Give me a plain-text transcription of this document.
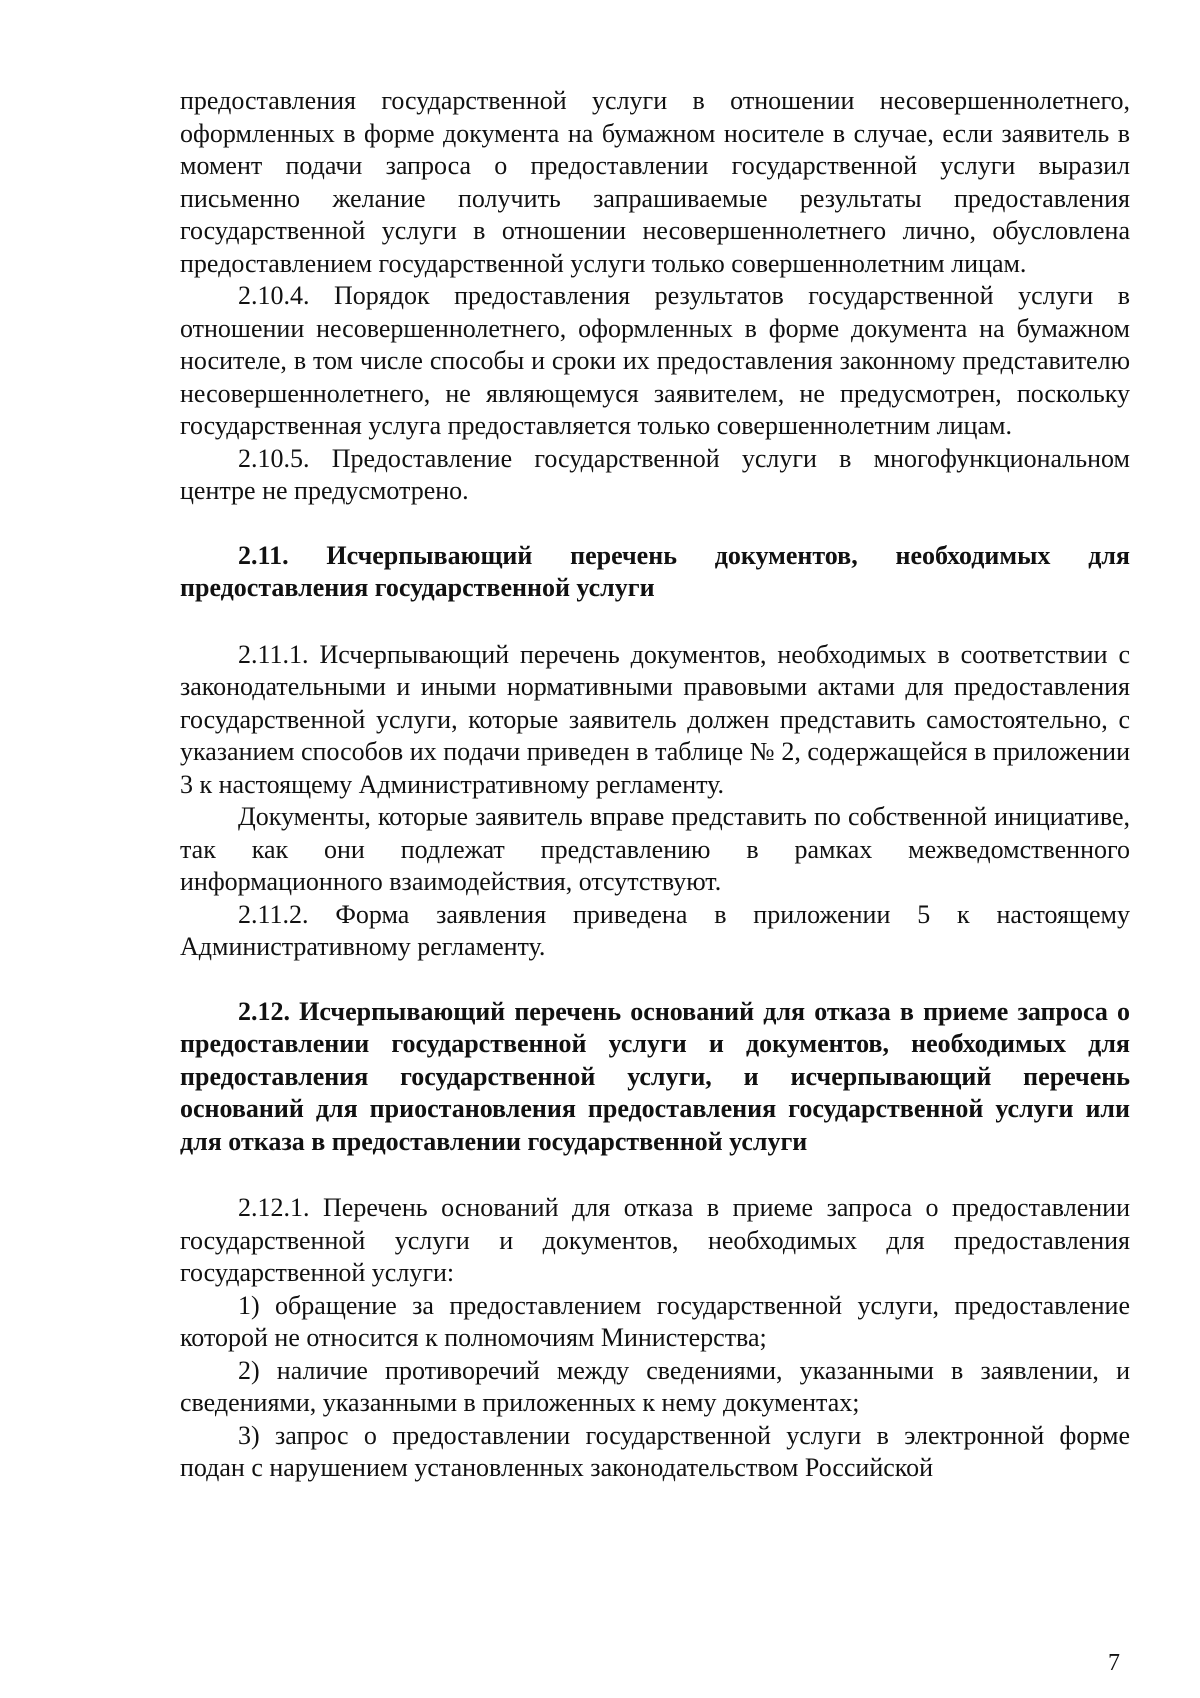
предоставления государственной услуги в отношении несовершеннолетнего, оформленных в форме документа на бумажном носителе в случае, если заявитель в момент подачи запроса о предоставлении государственной услуги выразил письменно желание получить запрашиваемые результаты предоставления государственной услуги в отношении несовершеннолетнего лично, обусловлена предоставлением государственной услуги только совершеннолетним лицам.

2.10.4. Порядок предоставления результатов государственной услуги в отношении несовершеннолетнего, оформленных в форме документа на бумажном носителе, в том числе способы и сроки их предоставления законному представителю несовершеннолетнего, не являющемуся заявителем, не предусмотрен, поскольку государственная услуга предоставляется только совершеннолетним лицам.

2.10.5. Предоставление государственной услуги в многофункциональном центре не предусмотрено.

2.11. Исчерпывающий перечень документов, необходимых для предоставления государственной услуги

2.11.1. Исчерпывающий перечень документов, необходимых в соответствии с законодательными и иными нормативными правовыми актами для предоставления государственной услуги, которые заявитель должен представить самостоятельно, с указанием способов их подачи приведен в таблице № 2, содержащейся в приложении 3 к настоящему Административному регламенту.

Документы, которые заявитель вправе представить по собственной инициативе, так как они подлежат представлению в рамках межведомственного информационного взаимодействия, отсутствуют.

2.11.2. Форма заявления приведена в приложении 5 к настоящему Административному регламенту.

2.12. Исчерпывающий перечень оснований для отказа в приеме запроса о предоставлении государственной услуги и документов, необходимых для предоставления государственной услуги, и исчерпывающий перечень оснований для приостановления предоставления государственной услуги или для отказа в предоставлении государственной услуги

2.12.1. Перечень оснований для отказа в приеме запроса о предоставлении государственной услуги и документов, необходимых для предоставления государственной услуги:

1) обращение за предоставлением государственной услуги, предоставление которой не относится к полномочиям Министерства;

2) наличие противоречий между сведениями, указанными в заявлении, и сведениями, указанными в приложенных к нему документах;

3) запрос о предоставлении государственной услуги в электронной форме подан с нарушением установленных законодательством Российской

7
